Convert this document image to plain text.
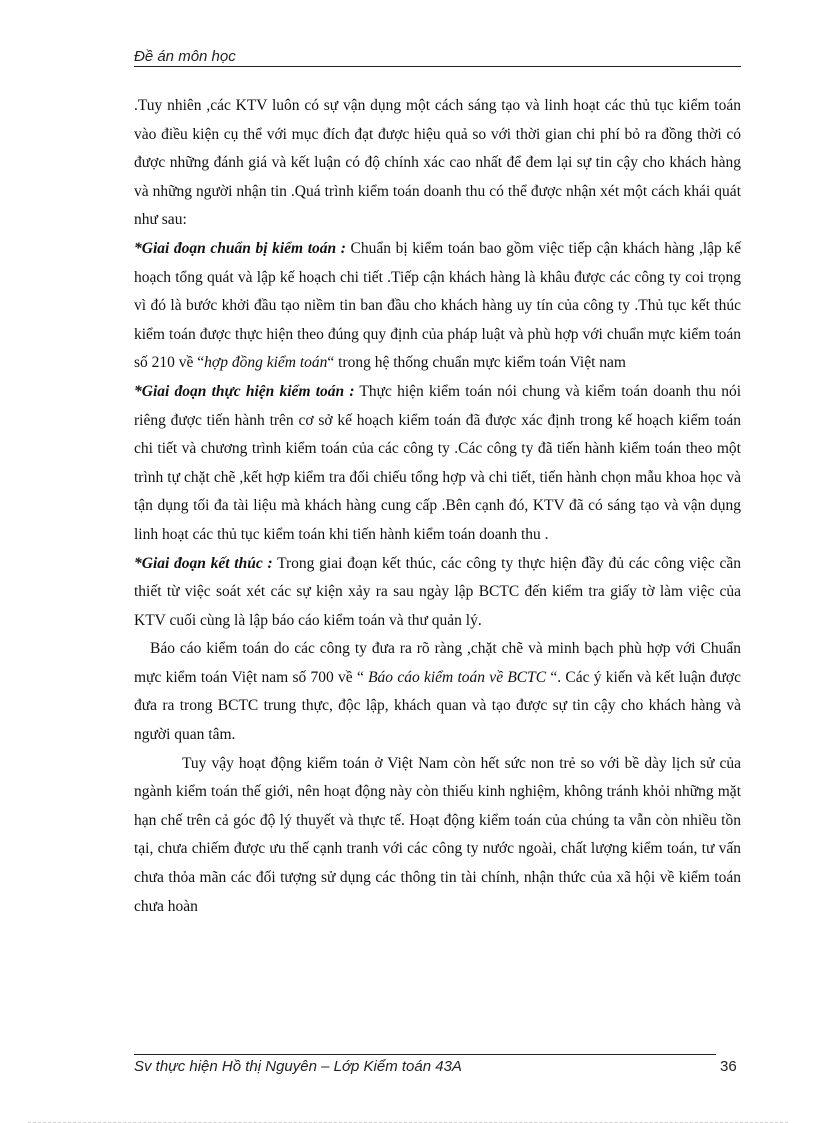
Đề án môn học

.Tuy nhiên ,các KTV luôn có sự vận dụng một cách sáng tạo và linh hoạt các thủ tục kiểm toán vào điều kiện cụ thể với mục đích đạt được hiệu quả so với thời gian chi phí bỏ ra đồng thời có được những đánh giá và kết luận có độ chính xác cao nhất để đem lại sự tin cậy cho khách hàng và những người nhận tin .Quá trình kiểm toán doanh thu có thể được nhận xét một cách khái quát như sau:

*Giai đoạn chuẩn bị kiểm toán : Chuẩn bị kiểm toán bao gồm việc tiếp cận khách hàng ,lập kế hoạch tổng quát và lập kế hoạch chi tiết .Tiếp cận khách hàng là khâu được các công ty coi trọng vì đó là bước khởi đầu tạo niềm tin ban đầu cho khách hàng uy tín của công ty .Thủ tục kết thúc kiểm toán được thực hiện theo đúng quy định của pháp luật và phù hợp với chuẩn mực kiểm toán số 210 về “hợp đồng kiểm toán“ trong hệ thống chuẩn mực kiểm toán Việt nam

*Giai đoạn thực hiện kiểm toán : Thực hiện kiểm toán nói chung và kiểm toán doanh thu nói riêng được tiến hành trên cơ sở kế hoạch kiểm toán đã được xác định trong kế hoạch kiểm toán chi tiết và chương trình kiểm toán của các công ty .Các công ty đã tiến hành kiểm toán theo một trình tự chặt chẽ ,kết hợp kiểm tra đối chiếu tổng hợp và chi tiết, tiến hành chọn mẫu khoa học và tận dụng tối đa tài liệu mà khách hàng cung cấp .Bên cạnh đó, KTV đã có sáng tạo và vận dụng linh hoạt các thủ tục kiểm toán khi tiến hành kiểm toán doanh thu .

*Giai đoạn kết thúc : Trong giai đoạn kết thúc, các công ty thực hiện đầy đủ các công việc cần thiết từ việc soát xét các sự kiện xảy ra sau ngày lập BCTC đến kiểm tra giấy tờ làm việc của KTV cuối cùng là lập báo cáo kiểm toán và thư quản lý.

Báo cáo kiểm toán do các công ty đưa ra rõ ràng ,chặt chẽ và minh bạch phù hợp với Chuẩn mực kiểm toán Việt nam số 700 về “ Báo cáo kiểm toán về BCTC “. Các ý kiến và kết luận được đưa ra trong BCTC trung thực, độc lập, khách quan và tạo được sự tin cậy cho khách hàng và người quan tâm.

Tuy vậy hoạt động kiểm toán ở Việt Nam còn hết sức non trẻ so với bề dày lịch sử của ngành kiểm toán thế giới, nên hoạt động này còn thiếu kinh nghiệm, không tránh khỏi những mặt hạn chế trên cả góc độ lý thuyết và thực tế. Hoạt động kiểm toán của chúng ta vẫn còn nhiều tồn tại, chưa chiếm được ưu thế cạnh tranh với các công ty nước ngoài, chất lượng kiểm toán, tư vấn chưa thỏa mãn các đối tượng sử dụng các thông tin tài chính, nhận thức của xã hội về kiểm toán chưa hoàn

Sv thực hiện Hồ thị Nguyên – Lớp Kiểm toán 43A	36
